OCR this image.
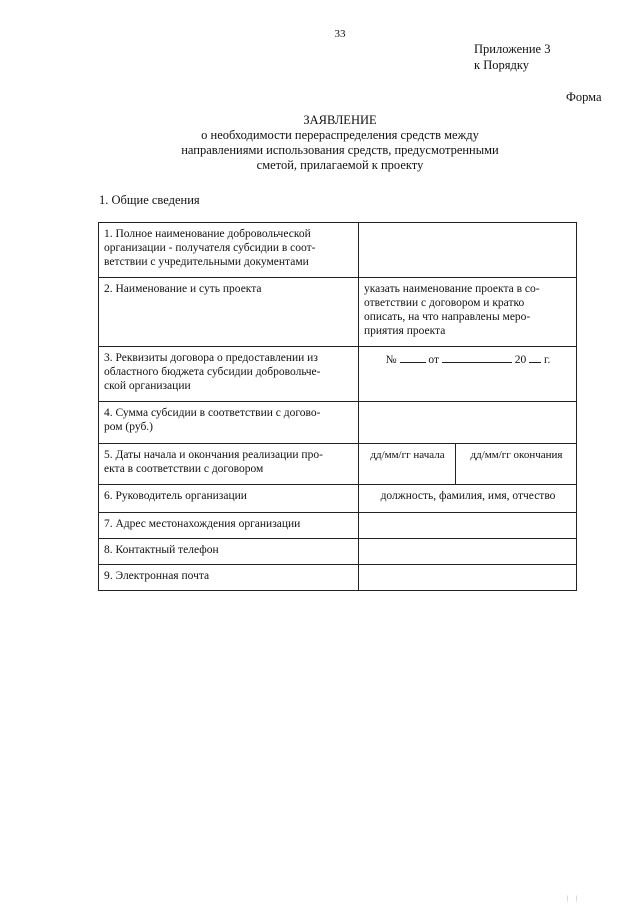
33
Приложение 3
к Порядку
Форма
ЗАЯВЛЕНИЕ
о необходимости перераспределения средств между
направлениями использования средств, предусмотренными
сметой, прилагаемой к проекту
1. Общие сведения
1. Полное наименование добровольческой
организации - получателя субсидии в соот-
ветствии с учредительными документами		

2. Наименование и суть проекта	указать наименование проекта в со-
ответствии с договором и кратко
описать, на что направлены меро-
приятия проекта	

3. Реквизиты договора о предоставлении из
областного бюджета субсидии добровольче-
ской организации	№ от 20 г.	

4. Сумма субсидии в соответствии с догово-
ром (руб.)		

5. Даты начала и окончания реализации про-
екта в соответствии с договором	дд/мм/гг начала	дд/мм/гг окончания

6. Руководитель организации	должность, фамилия, имя, отчество	

7. Адрес местонахождения организации		

8. Контактный телефон		

9. Электронная почта		

| |
